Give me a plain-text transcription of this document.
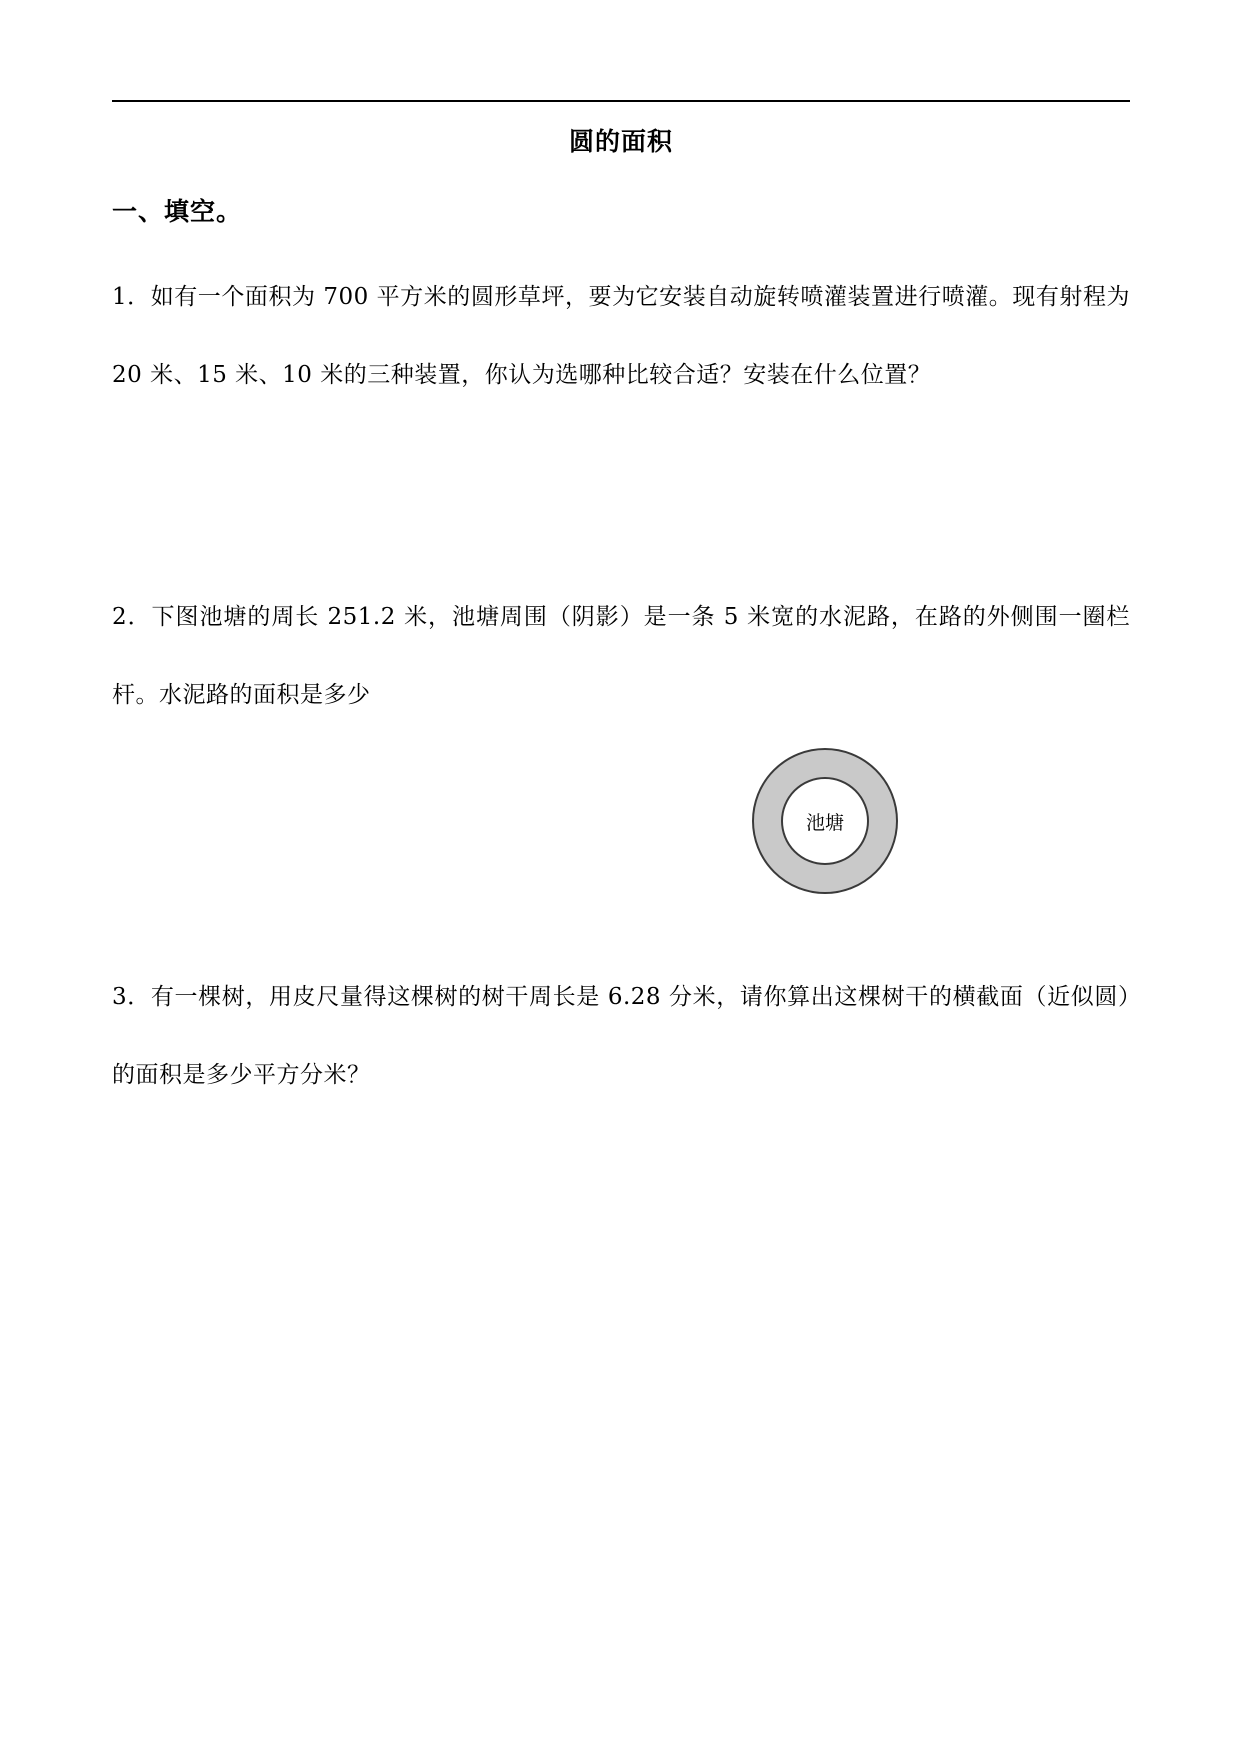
圆的面积
一、填空。
1．如有一个面积为 700 平方米的圆形草坪，要为它安装自动旋转喷灌装置进行喷灌。现有射程为 20 米、15 米、10 米的三种装置，你认为选哪种比较合适？安装在什么位置？
2．下图池塘的周长 251.2 米，池塘周围（阴影）是一条 5 米宽的水泥路，在路的外侧围一圈栏杆。水泥路的面积是多少
池塘
3．有一棵树，用皮尺量得这棵树的树干周长是 6.28 分米，请你算出这棵树干的横截面（近似圆）的面积是多少平方分米？
